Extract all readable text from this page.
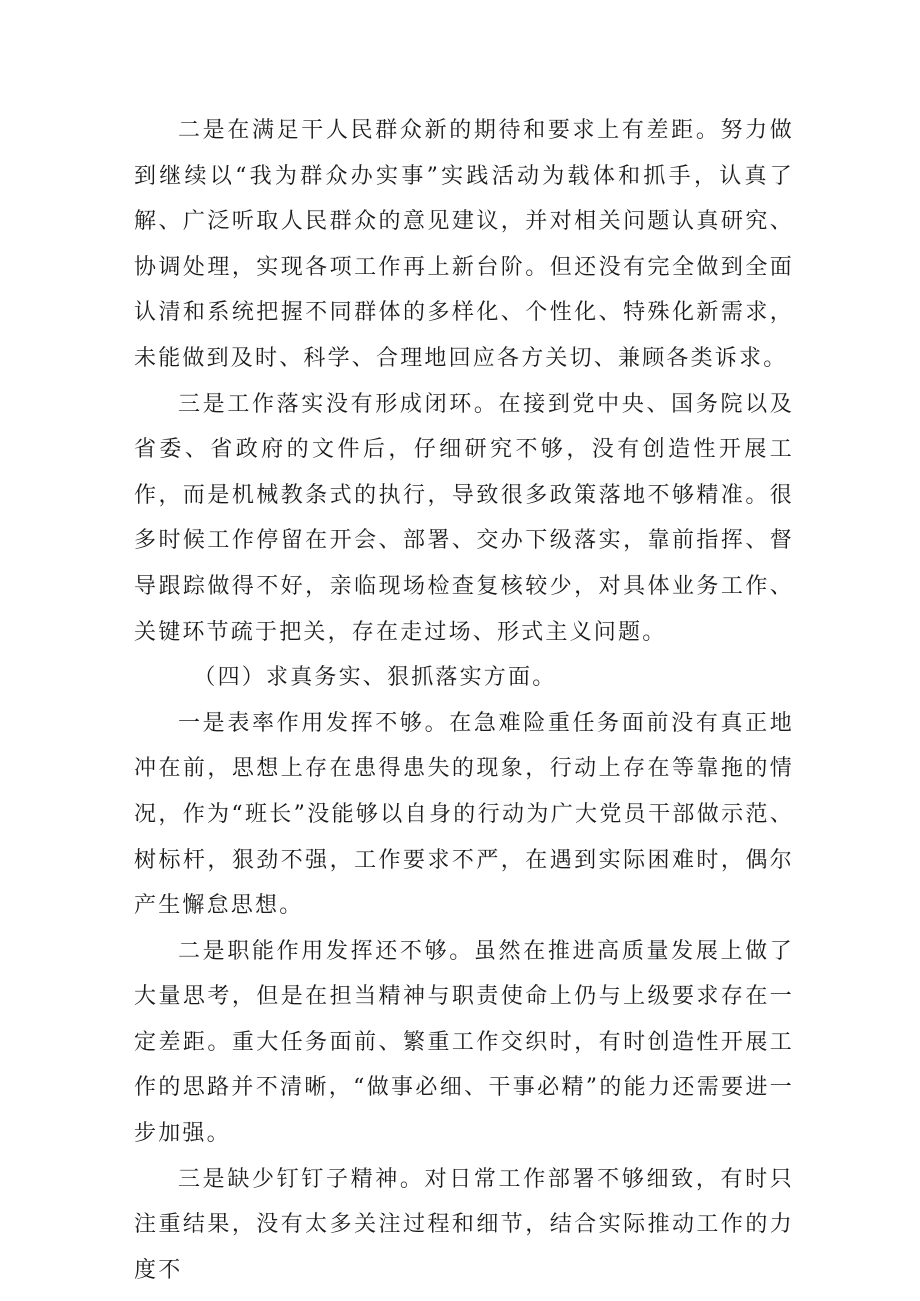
二是在满足干人民群众新的期待和要求上有差距。努力做到继续以“我为群众办实事”实践活动为载体和抓手，认真了解、广泛听取人民群众的意见建议，并对相关问题认真研究、协调处理，实现各项工作再上新台阶。但还没有完全做到全面认清和系统把握不同群体的多样化、个性化、特殊化新需求，未能做到及时、科学、合理地回应各方关切、兼顾各类诉求。

三是工作落实没有形成闭环。在接到党中央、国务院以及省委、省政府的文件后，仔细研究不够，没有创造性开展工作，而是机械教条式的执行，导致很多政策落地不够精准。很多时候工作停留在开会、部署、交办下级落实，靠前指挥、督导跟踪做得不好，亲临现场检查复核较少，对具体业务工作、关键环节疏于把关，存在走过场、形式主义问题。

（四）求真务实、狠抓落实方面。

一是表率作用发挥不够。在急难险重任务面前没有真正地冲在前，思想上存在患得患失的现象，行动上存在等靠拖的情况，作为“班长”没能够以自身的行动为广大党员干部做示范、树标杆，狠劲不强，工作要求不严，在遇到实际困难时，偶尔产生懈怠思想。

二是职能作用发挥还不够。虽然在推进高质量发展上做了大量思考，但是在担当精神与职责使命上仍与上级要求存在一定差距。重大任务面前、繁重工作交织时，有时创造性开展工作的思路并不清晰，“做事必细、干事必精”的能力还需要进一步加强。

三是缺少钉钉子精神。对日常工作部署不够细致，有时只注重结果，没有太多关注过程和细节，结合实际推动工作的力度不
